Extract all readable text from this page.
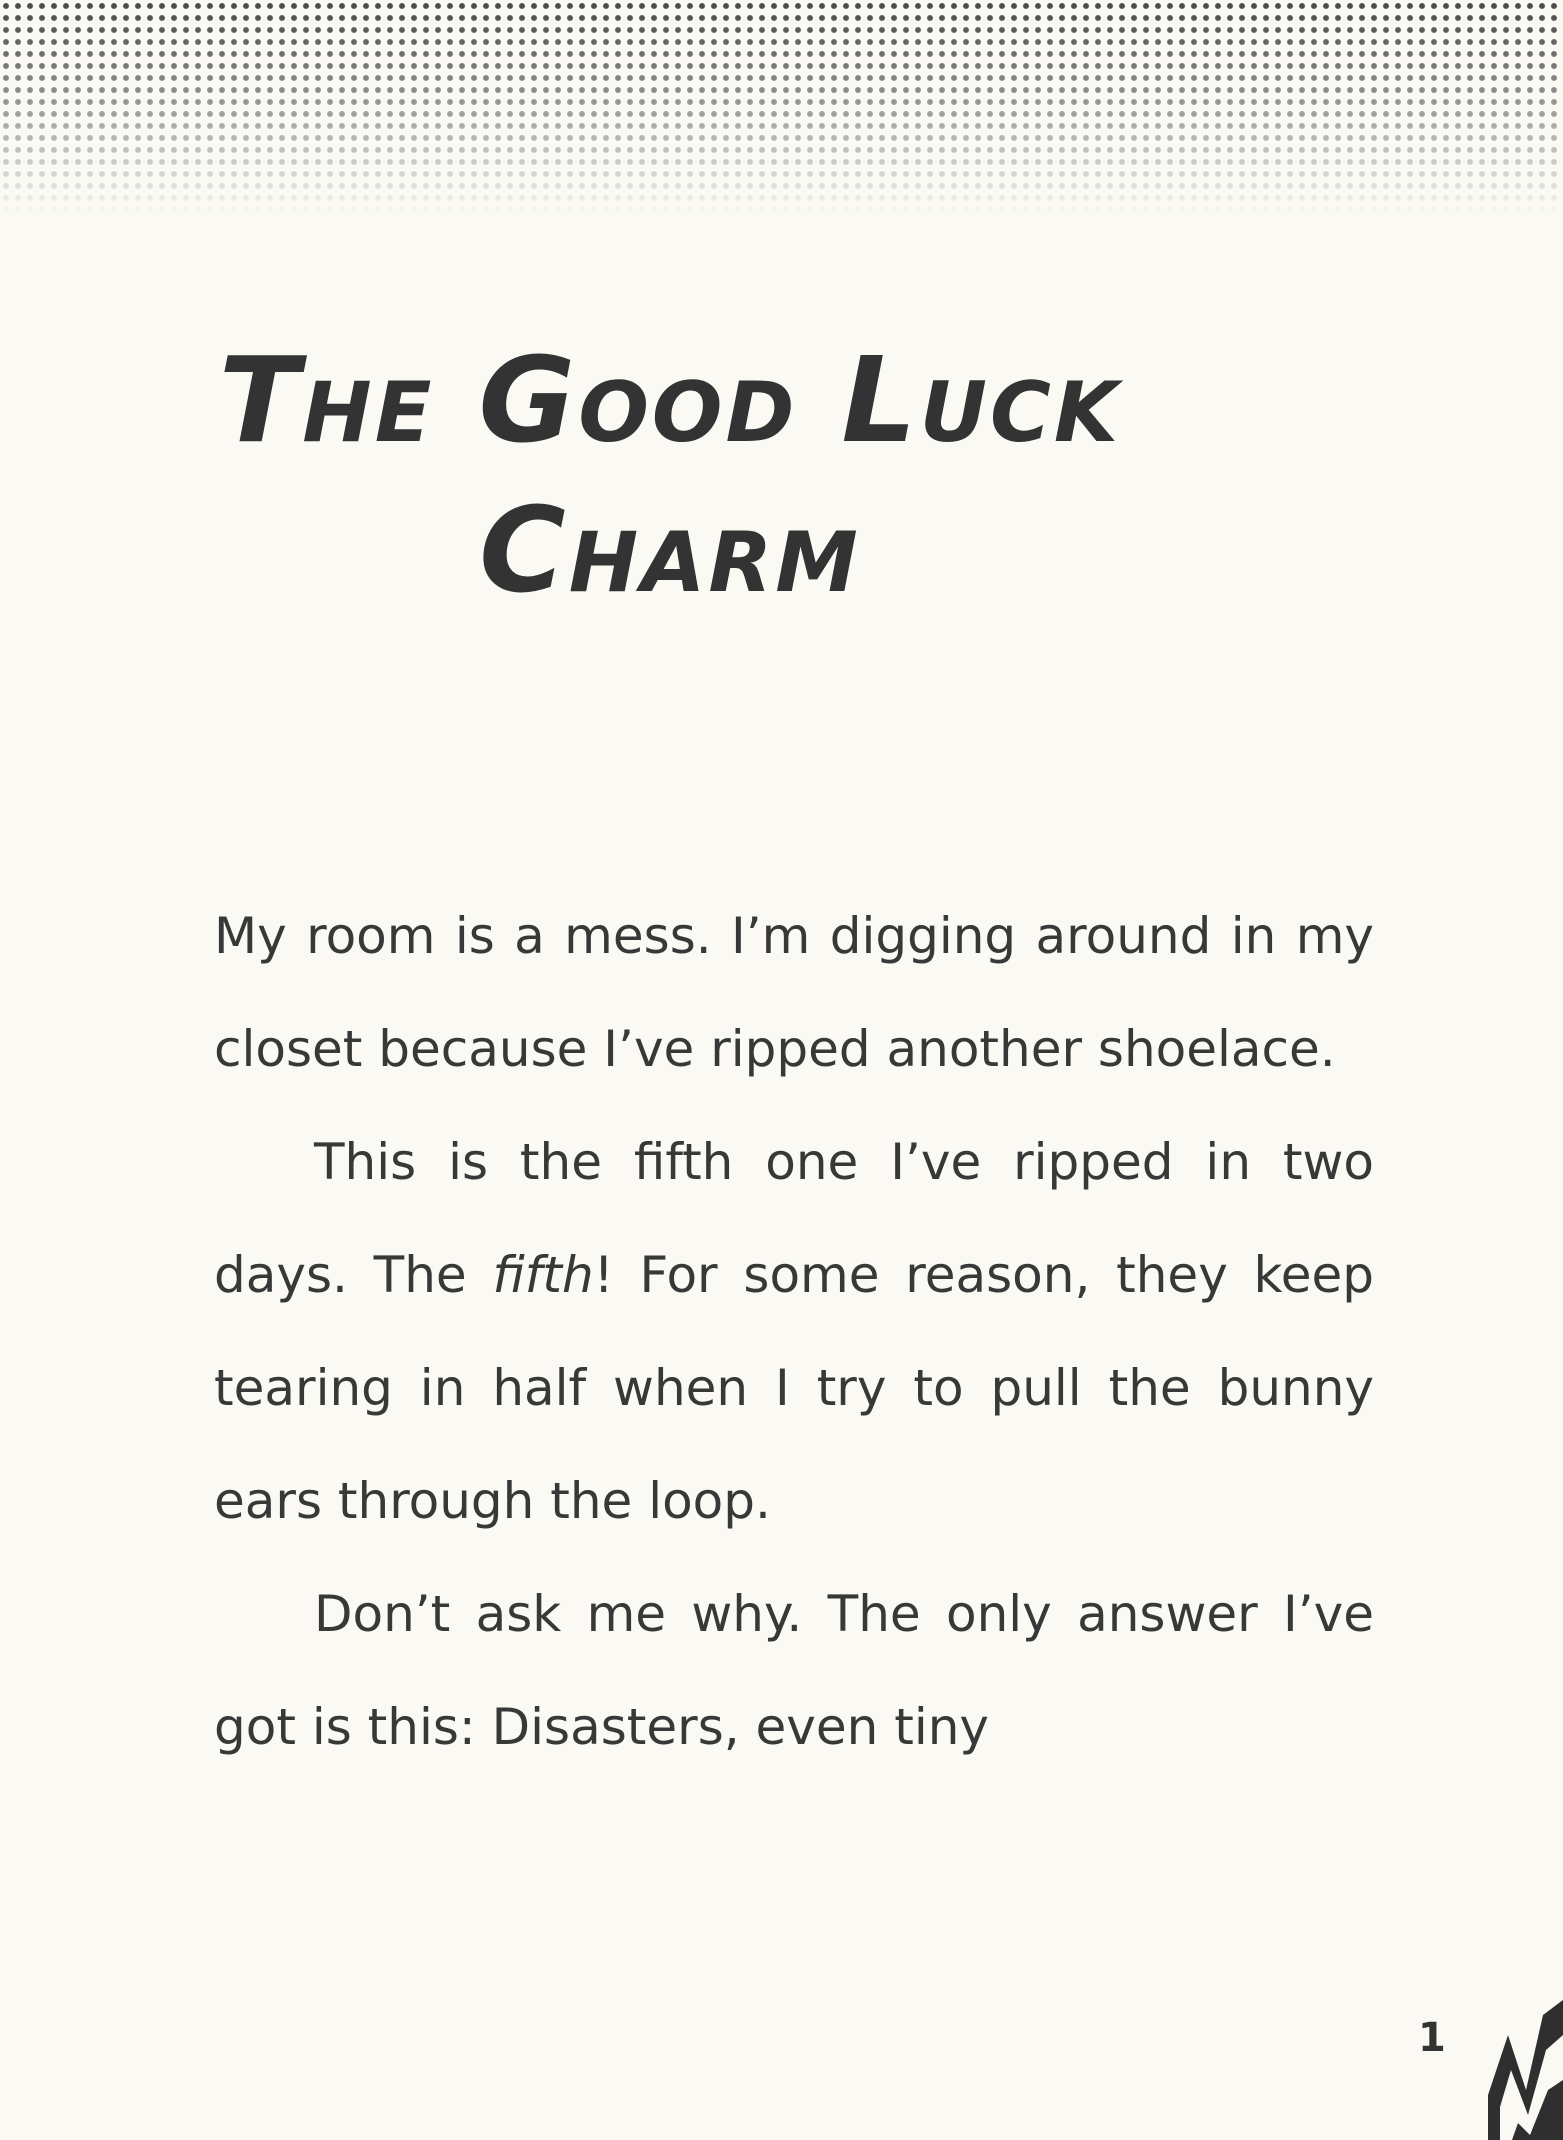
The Good Luck
Charm

My room is a mess. I’m digging around in my closet because I’ve ripped another shoelace.

This is the fifth one I’ve ripped in two days. The fifth! For some reason, they keep tearing in half when I try to pull the bunny ears through the loop.

Don’t ask me why. The only answer I’ve got is this: Disasters, even tiny

1
